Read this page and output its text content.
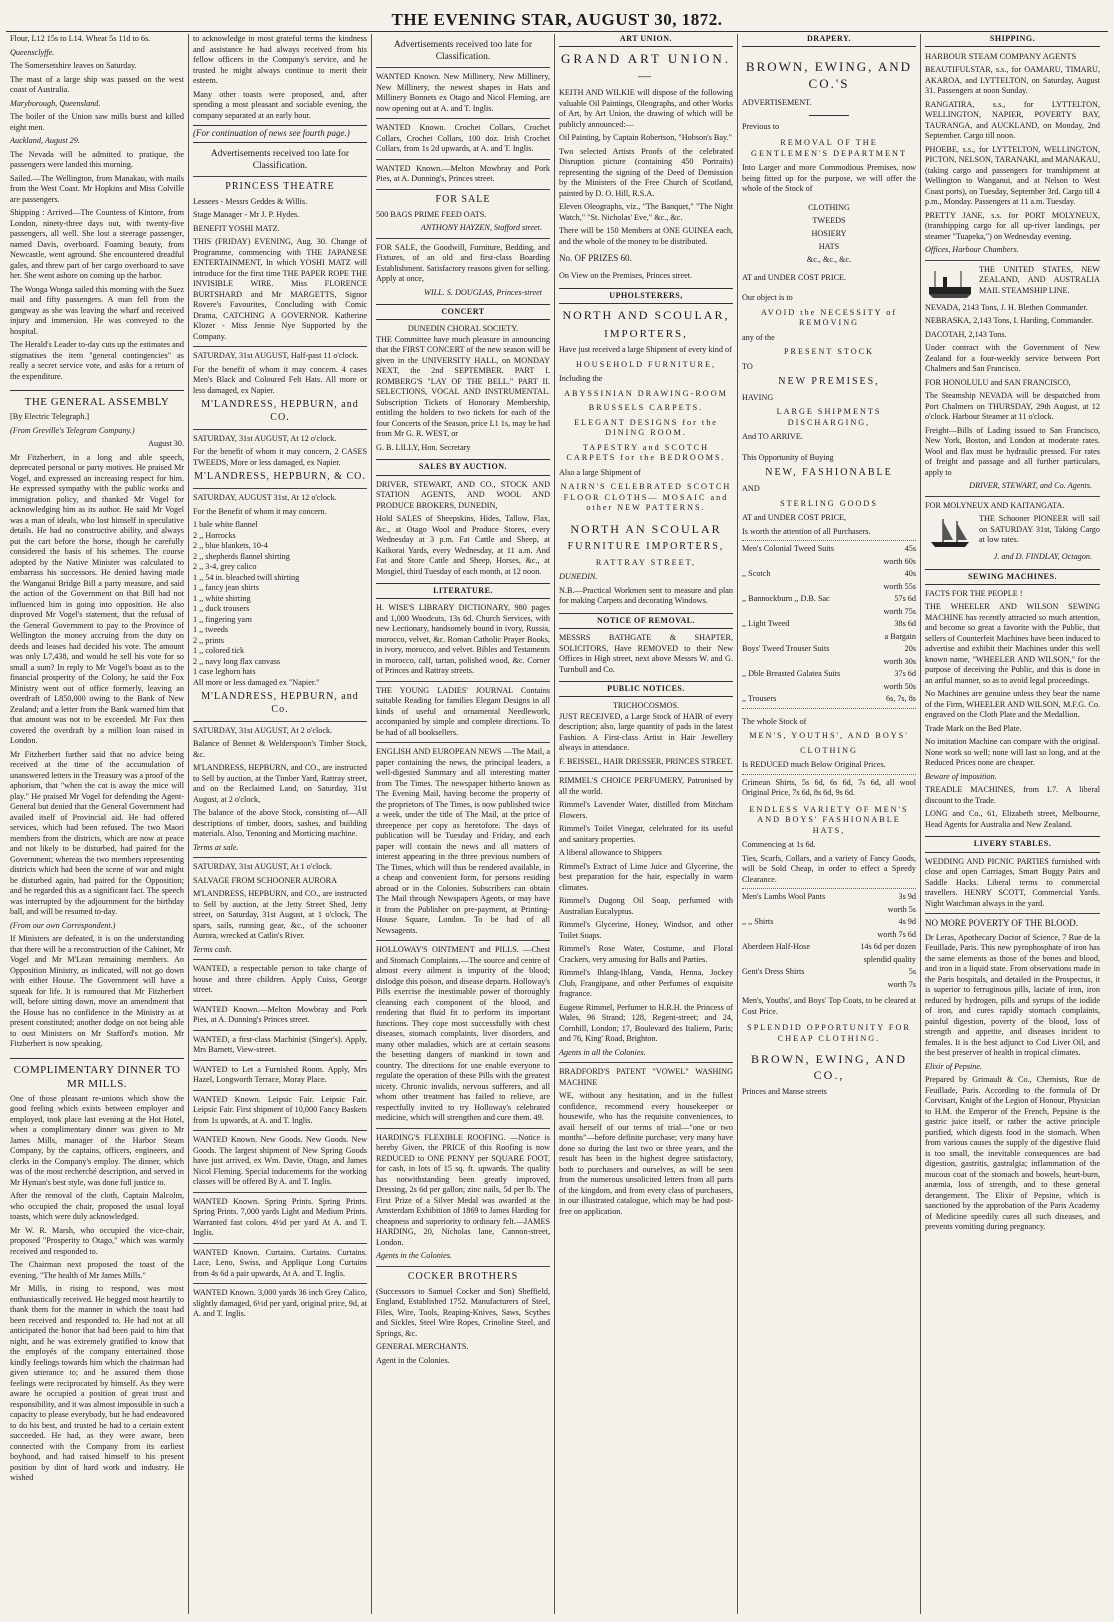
THE EVENING STAR, AUGUST 30, 1872.

Flour, L12 15s to L14. Wheat 5s 11d to 6s.

Queensclyffe.

The Somersetshire leaves on Saturday.

The mast of a large ship was passed on the west coast of Australia.

Maryborough, Queensland.

The boiler of the Union saw mills burst and killed eight men.

Auckland, August 29.

The Nevada will be admitted to pratique, the passengers were landed this morning.

Sailed.—The Wellington, from Manakau, with mails from the West Coast. Mr Hopkins and Miss Colville are passengers.

Shipping : Arrived—The Countess of Kintore, from London, ninety-three days out, with twenty-five passengers, all well. She lost a steerage passenger, named Davis, overboard. Foaming beauty, from Newcastle, went aground. She encountered dreadful gales, and threw part of her cargo overboard to save her. She went ashore on coming up the harbor.

The Wonga Wonga sailed this morning with the Suez mail and fifty passengers. A man fell from the gangway as she was leaving the wharf and received injury and immersion. He was conveyed to the hospital.

The Herald's Leader to-day cuts up the estimates and stigmatises the item "general contingencies" as really a secret service vote, and asks for a return of the expenditure.

THE GENERAL ASSEMBLY

[By Electric Telegraph.]

(From Greville's Telegram Company.)

August 30.

Mr Fitzherbert, in a long and able speech, deprecated personal or party motives. He praised Mr Vogel, and expressed an increasing respect for him. He expressed sympathy with the public works and immigration policy, and thanked Mr Vogel for acknowledging him as its author. He said Mr Vogel was a man of ideals, who lost himself in speculative details. He had no constructive ability, and always put the cart before the horse, though he carefully considered the basis of his schemes. The course adopted by the Native Minister was calculated to embarrass his successors. He denied having made the Wanganui Bridge Bill a party measure, and said the action of the Government on that Bill had not influenced him in going into opposition. He also disproved Mr Vogel's statement, that the refusal of the General Government to pay to the Province of Wellington the money accruing from the duty on deeds and leases had decided his vote. The amount was only L7,438, and would he sell his vote for so small a sum? In reply to Mr Vogel's boast as to the financial prosperity of the Colony, he said the Fox Ministry went out of office formerly, leaving an overdraft of L850,000 owing to the Bank of New Zealand; and a letter from the Bank warned him that that amount was not to be exceeded. Mr Fox then covered the overdraft by a million loan raised in London.

Mr Fitzherbert further said that no advice being received at the time of the accumulation of unanswered letters in the Treasury was a proof of the aphorism, that "when the cat is away the mice will play." He praised Mr Vogel for defending the Agent-General but denied that the General Government had availed itself of Provincial aid. He had offered services, which had been refused. The two Maori members from the districts, which are now at peace and not likely to be disturbed, had paired for the Government; whereas the two members representing districts which had been the scene of war and might be disturbed again, had paired for the Opposition; and he regarded this as a significant fact. The speech was interrupted by the adjournment for the birthday ball, and will be resumed to-day.

(From our own Correspondent.)

If Ministers are defeated, it is on the understanding that there will be a reconstruction of the Cabinet, Mr Vogel and Mr M'Lean remaining members. An Opposition Ministry, as indicated, will not go down with either House. The Government will have a squeak for life. It is rumoured that Mr Fitzherbert will, before sitting down, move an amendment that the House has no confidence in the Ministry as at present constituted; another dodge on not being able to oust Ministers on Mr Stafford's motion. Mr Fitzherbert is now speaking.

COMPLIMENTARY DINNER TO MR MILLS.

One of those pleasant re-unions which show the good feeling which exists between employer and employed, took place last evening at the Hot Hotel, when a complimentary dinner was given to Mr James Mills, manager of the Harbor Steam Company, by the captains, officers, engineers, and clerks in the Company's employ. The dinner, which was of the most recherché description, and served in Mr Hyman's best style, was done full justice to.

After the removal of the cloth, Captain Malcolm, who occupied the chair, proposed the usual loyal toasts, which were duly acknowledged.

Mr W. R. Marsh, who occupied the vice-chair, proposed "Prosperity to Otago," which was warmly received and responded to.

The Chairman next proposed the toast of the evening, "The health of Mr James Mills."

Mr Mills, in rising to respond, was most enthusiastically received. He begged most heartily to thank them for the manner in which the toast had been received and responded to. He had not at all anticipated the honor that had been paid to him that night, and he was extremely gratified to know that the employés of the company entertained those kindly feelings towards him which the chairman had given utterance to; and he assured them those feelings were reciprocated by himself. As they were aware he occupied a position of great trust and responsibility, and it was almost impossible in such a capacity to please everybody, but he had endeavored to do his best, and trusted he had to a certain extent succeeded. He had, as they were aware, been connected with the Company from its earliest boyhood, and had raised himself to his present position by dint of hard work and industry. He wished

to acknowledge in most grateful terms the kindness and assistance he had always received from his fellow officers in the Company's service, and he trusted he might always continue to merit their esteem.

Many other toasts were proposed, and, after spending a most pleasant and sociable evening, the company separated at an early hour.

(For continuation of news see fourth page.)

Advertisements received too late for Classification.
PRINCESS THEATRE

Lessees - Messrs Geddes & Willis.

Stage Manager - Mr J. P. Hydes.

BENEFIT YOSHI MATZ.

THIS (FRIDAY) EVENING, Aug. 30. Change of Programme, commencing with THE JAPANESE ENTERTAINMENT, In which YOSHI MATZ will introduce for the first time THE PAPER ROPE THE INVISIBLE WIRE. Miss FLORENCE BURTSHARD and Mr MARGETTS, Signor Rovere's Favourites, Concluding with Comic Drama, CATCHING A GOVERNOR. Katherine Klozer - Miss Jennie Nye Supported by the Company.

SATURDAY, 31st AUGUST, Half-past 11 o'clock.

For the benefit of whom it may concern. 4 cases Men's Black and Coloured Felt Hats. All more or less damaged, ex Napier.

M'LANDRESS, HEPBURN, and CO.

SATURDAY, 31st AUGUST, At 12 o'clock.

For the benefit of whom it may concern, 2 CASES TWEEDS, More or less damaged, ex Napier.

M'LANDRESS, HEPBURN, & CO.

SATURDAY, AUGUST 31st, At 12 o'clock.

For the Benefit of whom it may concern.

1 bale white flannel
2 ,, Horrocks
2 ,, blue blankets, 10-4
2 ,, shepherds flannel shirting
2 ,, 3-4, grey calico
1 ,, 54 in. bleached twill shirting
1 ,, fancy jean shirts
1 ,, white shirting
1 ,, duck trousers
1 ,, fingering yarn
1 ,, tweeds
2 ,, prints
1 ,, colored tick
2 ,, navy long flax canvass
1 case leghorn hats

All more or less damaged ex "Napier."

M'LANDRESS, HEPBURN, and Co.

SATURDAY, 31st AUGUST, At 2 o'clock.

Balance of Bennet & Welderspoon's Timber Stock, &c.

M'LANDRESS, HEPBURN, and CO., are instructed to Sell by auction, at the Timber Yard, Rattray street, and on the Reclaimed Land, on Saturday, 31st August, at 2 o'clock,

The balance of the above Stock, consisting of—All descriptions of timber, doors, sashes, and building materials. Also, Tenoning and Morticing machine.

Terms at sale.

SATURDAY, 31st AUGUST, At 1 o'clock.

SALVAGE FROM SCHOONER AURORA

M'LANDRESS, HEPBURN, and CO., are instructed to Sell by auction, at the Jetty Street Shed, Jetty street, on Saturday, 31st August, at 1 o'clock, The spars, sails, running gear, &c., of the schooner Aurora, wrecked at Catlin's River.

Terms cash.

WANTED, a respectable person to take charge of house and three children. Apply Cuiss, George street.

WANTED Known.—Melton Mowbray and Pork Pies, at A. Dunning's Princes street.

WANTED, a first-class Machinist (Singer's). Apply, Mrs Barnett, View-street.

WANTED to Let a Furnished Room. Apply, Mrs Hazel, Longworth Terrace, Moray Place.

WANTED Known. Leipsic Fair. Leipsic Fair. Leipsic Fair. First shipment of 10,000 Fancy Baskets from 1s upwards, at A. and T. Inglis.

WANTED Known. New Goods. New Goods. New Goods. The largest shipment of New Spring Goods have just arrived, ex Wm. Davie, Otago, and James Nicol Fleming. Special inducements for the working classes will be offered By A. and T. Inglis.

WANTED Known. Spring Prints. Spring Prints. Spring Prints. 7,000 yards Light and Medium Prints. Warranted fast colors. 4½d per yard At A. and T. Inglis.

WANTED Known. Curtains. Curtains. Curtains. Lace, Leno, Swiss, and Applique Long Curtains from 4s 6d a pair upwards, At A. and T. Inglis.

WANTED Known. 3,000 yards 36 inch Grey Calico, slightly damaged, 6½d per yard, original price, 9d, at A. and T. Inglis.

Advertisements received too late for Classification.

WANTED Known. New Millinery, New Millinery, New Millinery, the newest shapes in Hats and Millinery Bonnets ex Otago and Nicol Fleming, are now opening out at A. and T. Inglis.

WANTED Known. Crochet Collars, Crochet Collars, Crochet Collars, 100 doz. Irish Crochet Collars, from 1s 2d upwards, at A. and T. Inglis.

WANTED Known.—Melton Mowbray and Pork Pies, at A. Dunning's, Princes street.

FOR SALE

500 BAGS PRIME FEED OATS.

ANTHONY HAYZEN, Stafford street.

FOR SALE, the Goodwill, Furniture, Bedding, and Fixtures, of an old and first-class Boarding Establishment. Satisfactory reasons given for selling. Apply at once,

WILL. S. DOUGLAS, Princes-street

CONCERT
DUNEDIN CHORAL SOCIETY.

THE Committee have much pleasure in announcing that the FIRST CONCERT of the new season will be given in the UNIVERSITY HALL, on MONDAY NEXT, the 2nd SEPTEMBER. PART I. ROMBERG'S "LAY OF THE BELL." PART II. SELECTIONS, VOCAL AND INSTRUMENTAL. Subscription Tickets of Honorary Membership, entitling the holders to two tickets for each of the four Concerts of the Season, price L1 1s, may be had from Mr G. R. WEST, or

G. B. LILLY, Hon. Secretary

SALES BY AUCTION.

DRIVER, STEWART, AND CO., STOCK AND STATION AGENTS, AND WOOL AND PRODUCE BROKERS, DUNEDIN,

Hold SALES of Sheepskins, Hides, Tallow, Flax, &c., at Otago Wool and Produce Stores, every Wednesday at 3 p.m. Fat Cattle and Sheep, at Kaikorai Yards, every Wednesday, at 11 a.m. And Fat and Store Cattle and Sheep, Horses, &c., at Mosgiel, third Tuesday of each month, at 12 noon.

LITERATURE.

H. WISE'S LIBRARY DICTIONARY, 980 pages and 1,000 Woodcuts, 13s 6d. Church Services, with new Lectionary, handsomely bound in ivory, Russia, morocco, velvet, &c. Roman Catholic Prayer Books, in ivory, morocco, and velvet. Bibles and Testaments in morocco, calf, tartan, polished wood, &c. Corner of Princes and Rattray streets.

THE YOUNG LADIES' JOURNAL Contains suitable Reading for families Elegant Designs in all kinds of useful and ornamental Needlework, accompanied by simple and complete directions. To be had of all booksellers.

ENGLISH AND EUROPEAN NEWS —The Mail, a paper containing the news, the principal leaders, a well-digested Summary and all interesting matter from The Times. The newspaper hitherto known as The Evening Mail, having become the property of the proprietors of The Times, is now published twice a week, under the title of The Mail, at the price of threepence per copy as heretofore. The days of publication will be Tuesday and Friday, and each paper will contain the news and all matters of interest appearing in the three previous numbers of The Times, which will thus be rendered available, in a cheap and convenient form, for persons residing abroad or in the Colonies. Subscribers can obtain The Mail through Newspapers Agents, or may have it from the Publisher on pre-payment, at Printing-House Square, London. To be had of all Newsagents.

HOLLOWAY'S OINTMENT and PILLS. —Chest and Stomach Complaints.—The source and centre of almost every ailment is impurity of the blood; dislodge this poison, and disease departs. Holloway's Pills exercise the inestimable power of thoroughly cleansing each component of the blood, and rendering that fluid fit to perform its important functions. They cope most successfully with chest diseases, stomach complaints, liver disorders, and many other maladies, which are at certain seasons the besetting dangers of mankind in town and country. The directions for use enable everyone to regulate the operation of these Pills with the greatest nicety. Chronic invalids, nervous sufferers, and all whom other treatment has failed to relieve, are respectfully invited to try Holloway's celebrated medicine, which will strengthen and cure them. 49.

HARDING'S FLEXIBLE ROOFING. —Notice is hereby Given, the PRICE of this Roofing is now REDUCED to ONE PENNY per SQUARE FOOT, for cash, in lots of 15 sq. ft. upwards. The quality has notwithstanding been greatly improved, Dressing, 2s 6d per gallon; zinc nails, 5d per lb. The First Prize of a Silver Medal was awarded at the Amsterdam Exhibition of 1869 to James Harding for cheapness and superiority to ordinary felt.—JAMES HARDING, 20, Nicholas lane, Cannon-street, London.

Agents in the Colonies.

COCKER BROTHERS

(Successors to Samuel Cocker and Son) Sheffield, England, Established 1752. Manufacturers of Steel, Files, Wire, Tools, Reaping-Knives, Saws, Scythes and Sickles, Steel Wire Ropes, Crinoline Steel, and Springs, &c.

GENERAL MERCHANTS.

Agent in the Colonies.

ART UNION.
GRAND ART UNION.—

KEITH AND WILKIE will dispose of the following valuable Oil Paintings, Oleographs, and other Works of Art, by Art Union, the drawing of which will be publicly announced:—

Oil Painting, by Captain Robertson, "Hobson's Bay."

Two selected Artists Proofs of the celebrated Disruption picture (containing 450 Portraits) representing the signing of the Deed of Demission by the Ministers of the Free Church of Scotland, painted by D. O. Hill, R.S.A.

Eleven Oleographs, viz., "The Banquet," "The Night Watch," "St. Nicholas' Eve," &c., &c.

There will be 150 Members at ONE GUINEA each, and the whole of the money to be distributed.

No. OF PRIZES 60.

On View on the Premises, Princes street.

UPHOLSTERERS,
NORTH AND SCOULAR,
IMPORTERS,

Have just received a large Shipment of every kind of

HOUSEHOLD FURNITURE,

Including the

ABYSSINIAN DRAWING-ROOM
BRUSSELS CARPETS.
ELEGANT DESIGNS for the DINING ROOM.
TAPESTRY and SCOTCH CARPETS for the BEDROOMS.

Also a large Shipment of

NAIRN'S CELEBRATED SCOTCH FLOOR CLOTHS— MOSAIC and other NEW PATTERNS.
NORTH AN SCOULAR
FURNITURE IMPORTERS,
RATTRAY STREET,

DUNEDIN.

N.B.—Practical Workmen sent to measure and plan for making Carpets and decorating Windows.

NOTICE OF REMOVAL.

MESSRS BATHGATE & SHAPTER, SOLICITORS, Have REMOVED to their New Offices in High street, next above Messrs W. and G. Turnbull and Co.

PUBLIC NOTICES.
TRICHOCOSMOS.

JUST RECEIVED, a Large Stock of HAIR of every description; also, large quantity of pads in the latest Fashion. A First-class Artist in Hair Jewellery always in attendance.

F. BEISSEL, HAIR DRESSER, PRINCES STREET.

RIMMEL'S CHOICE PERFUMERY, Patronised by all the world.

Rimmel's Lavender Water, distilled from Mitcham Flowers.

Rimmel's Toilet Vinegar, celebrated for its useful and sanitary properties.

A liberal allowance to Shippers

Rimmel's Extract of Lime Juice and Glycerine, the best preparation for the hair, especially in warm climates.

Rimmel's Dugong Oil Soap, perfumed with Australian Eucalyptus.

Rimmel's Glycerine, Honey, Windsor, and other Toilet Soaps.

Rimmel's Rose Water, Costume, and Floral Crackers, very amusing for Balls and Parties.

Rimmel's Ihlang-Ihlang, Vanda, Henna, Jockey Club, Frangipane, and other Perfumes of exquisite fragrance.

Eugene Rimmel, Perfumer to H.R.H. the Princess of Wales, 96 Strand; 128, Regent-street; and 24, Cornhill, London; 17, Boulevard des Italiens, Paris; and 76, King' Road, Brighton.

Agents in all the Colonies.

BRADFORD'S PATENT "VOWEL" WASHING MACHINE

WE, without any hesitation, and in the fullest confidence, recommend every housekeeper or housewife, who has the requisite conveniences, to avail herself of our terms of trial—"one or two months"—before definite purchase; very many have done so during the last two or three years, and the result has been in the highest degree satisfactory, both to purchasers and ourselves, as will be seen from the numerous unsolicited letters from all parts of the kingdom, and from every class of purchasers, in our illustrated catalogue, which may be had post-free on application.

DRAPERY.
BROWN, EWING, AND CO.'S

ADVERTISEMENT.

Previous to

REMOVAL OF THE GENTLEMEN'S DEPARTMENT

Into Larger and more Commodious Premises, now being fitted up for the purpose, we will offer the whole of the Stock of

CLOTHING
TWEEDS
HOSIERY
HATS
&c., &c., &c.

AT and UNDER COST PRICE.

Our object is to

AVOID the NECESSITY of REMOVING

any of the

PRESENT STOCK

TO

NEW PREMISES,

HAVING

LARGE SHIPMENTS DISCHARGING,

And TO ARRIVE.

This Opportunity of Buying

NEW, FASHIONABLE

AND

STERLING GOODS

AT and UNDER COST PRICE,

Is worth the attention of all Purchasers.

Men's Colonial Tweed Suits	45s
worth 60s
,, Scotch	40s
worth 55s
,, Bannockburn ,, D.B. Sac	57s 6d
worth 75s
,, Light Tweed	38s 6d
a Bargain
Boys' Tweed Trouser Suits	20s
worth 30s
,, Dble Breasted Galatea Suits	37s 6d
worth 50s
,, Trousers	6s, 7s, 8s

The whole Stock of

MEN'S, YOUTHS', AND BOYS'
CLOTHING

Is REDUCED much Below Original Prices.

Crimean Shirts, 5s 6d, 6s 6d, 7s 6d, all wool Original Price, 7s 6d, 8s 6d, 9s 6d.

ENDLESS VARIETY OF MEN'S AND BOYS' FASHIONABLE HATS,

Commencing at 1s 6d.

Ties, Scarfs, Collars, and a variety of Fancy Goods, will be Sold Cheap, in order to effect a Speedy Clearance.

Men's Lambs Wool Pants	3s 9d
worth 5s
,, ,, Shirts	4s 9d
worth 7s 6d
Aberdeen Half-Hose	14s 6d per dozen
splendid quality
Gent's Dress Shirts	5s
worth 7s

Men's, Youths', and Boys' Top Coats, to be cleared at Cost Price.

SPLENDID OPPORTUNITY FOR CHEAP CLOTHING.
BROWN, EWING, AND CO.,

Princes and Manse streets

SHIPPING.

HARBOUR STEAM COMPANY AGENTS

BEAUTIFULSTAR, s.s., for OAMARU, TIMARU, AKAROA, and LYTTELTON, on Saturday, August 31. Passengers at noon Sunday.

RANGATIRA, s.s., for LYTTELTON, WELLINGTON, NAPIER, POVERTY BAY, TAURANGA, and AUCKLAND, on Monday, 2nd September. Cargo till noon.

PHOEBE, s.s., for LYTTELTON, WELLINGTON, PICTON, NELSON, TARANAKI, and MANAKAU, (taking cargo and passengers for transhipment at Wellington to Wanganui, and at Nelson to West Coast ports), on Tuesday, September 3rd. Cargo till 4 p.m., Monday. Passengers at 11 a.m. Tuesday.

PRETTY JANE, s.s. for PORT MOLYNEUX, (transhipping cargo for all up-river landings, per steamer "Tuapeka,") on Wednesday evening.

Offices, Harbour Chambers.

THE UNITED STATES, NEW ZEALAND, AND AUSTRALIA MAIL STEAMSHIP LINE.

NEVADA, 2143 Tons, J. H. Blethen Commander.

NEBRASKA, 2,143 Tons, I. Harding, Commander.

DACOTAH, 2,143 Tons.

Under contract with the Government of New Zealand for a four-weekly service between Port Chalmers and San Francisco.

FOR HONOLULU and SAN FRANCISCO,

The Steamship NEVADA will be despatched from Port Chalmers on THURSDAY, 29th August, at 12 o'clock. Harbour Steamer at 11 o'clock.

Freight—Bills of Lading issued to San Francisco, New York, Boston, and London at moderate rates. Wool and flax must be hydraulic pressed. For rates of freight and passage and all further particulars, apply to

DRIVER, STEWART, and Co. Agents.

FOR MOLYNEUX AND KAITANGATA.

THE Schooner PIONEER will sail on SATURDAY 31st, Taking Cargo at low rates.

J. and D. FINDLAY, Octagon.

SEWING MACHINES.

FACTS FOR THE PEOPLE !

THE WHEELER AND WILSON SEWING MACHINE has recently attracted so much attention, and become so great a favorite with the Public, that sellers of Counterfeit Machines have been induced to advertise and exhibit their Machines under this well known name, "WHEELER AND WILSON," for the purpose of deceiving the Public, and this is done in an artful manner, so as to avoid legal proceedings.

No Machines are genuine unless they bear the name of the Firm, WHEELER AND WILSON, M.F.G. Co. engraved on the Cloth Plate and the Medallion.

Trade Mark on the Bed Plate.

No imitation Machine can compare with the original. None work so well; none will last so long, and at the Reduced Prices none are cheaper.

Beware of imposition.

TREADLE MACHINES, from L7. A liberal discount to the Trade.

LONG and Co., 61, Elizabeth street, Melbourne, Head Agents for Australia and New Zealand.

LIVERY STABLES.

WEDDING AND PICNIC PARTIES furnished with close and open Carriages, Smart Buggy Pairs and Saddle Hacks. Liberal terms to commercial travellers. HENRY SCOTT, Commercial Yards. Night Watchman always in the yard.

NO MORE POVERTY OF THE BLOOD.

Dr Leras, Apothecary Doctor of Science, 7 Rue de la Feuillade, Paris. This new pyrophosphate of iron has the same elements as those of the bones and blood, and iron in a liquid state. From observations made in the Paris hospitals, and detailed in the Prospectus, it is superior to ferruginous pills, lactate of iron, iron reduced by hydrogen, pills and syrups of the iodide of iron, and cures rapidly stomach complaints, painful digestion, poverty of the blood, loss of strength and appetite, and diseases incident to females. It is the best adjunct to Cod Liver Oil, and the best preserver of health in tropical climates.

Elixir of Pepsine.

Prepared by Grimault & Co., Chemists, Rue de Feuillade, Paris. According to the formula of Dr Corvisart, Knight of the Legion of Honour, Physician to H.M. the Emperor of the French, Pepsine is the gastric juice itself, or rather the active principle purified, which digests food in the stomach. When from various causes the supply of the digestive fluid is too small, the inevitable consequences are bad digestion, gastritis, gastralgia; inflammation of the mucous coat of the stomach and bowels, heart-burn, anæmia, loss of strength, and to these general derangement. The Elixir of Pepsine, which is sanctioned by the approbation of the Paris Academy of Medicine speedily cures all such diseases, and prevents vomiting during pregnancy.
